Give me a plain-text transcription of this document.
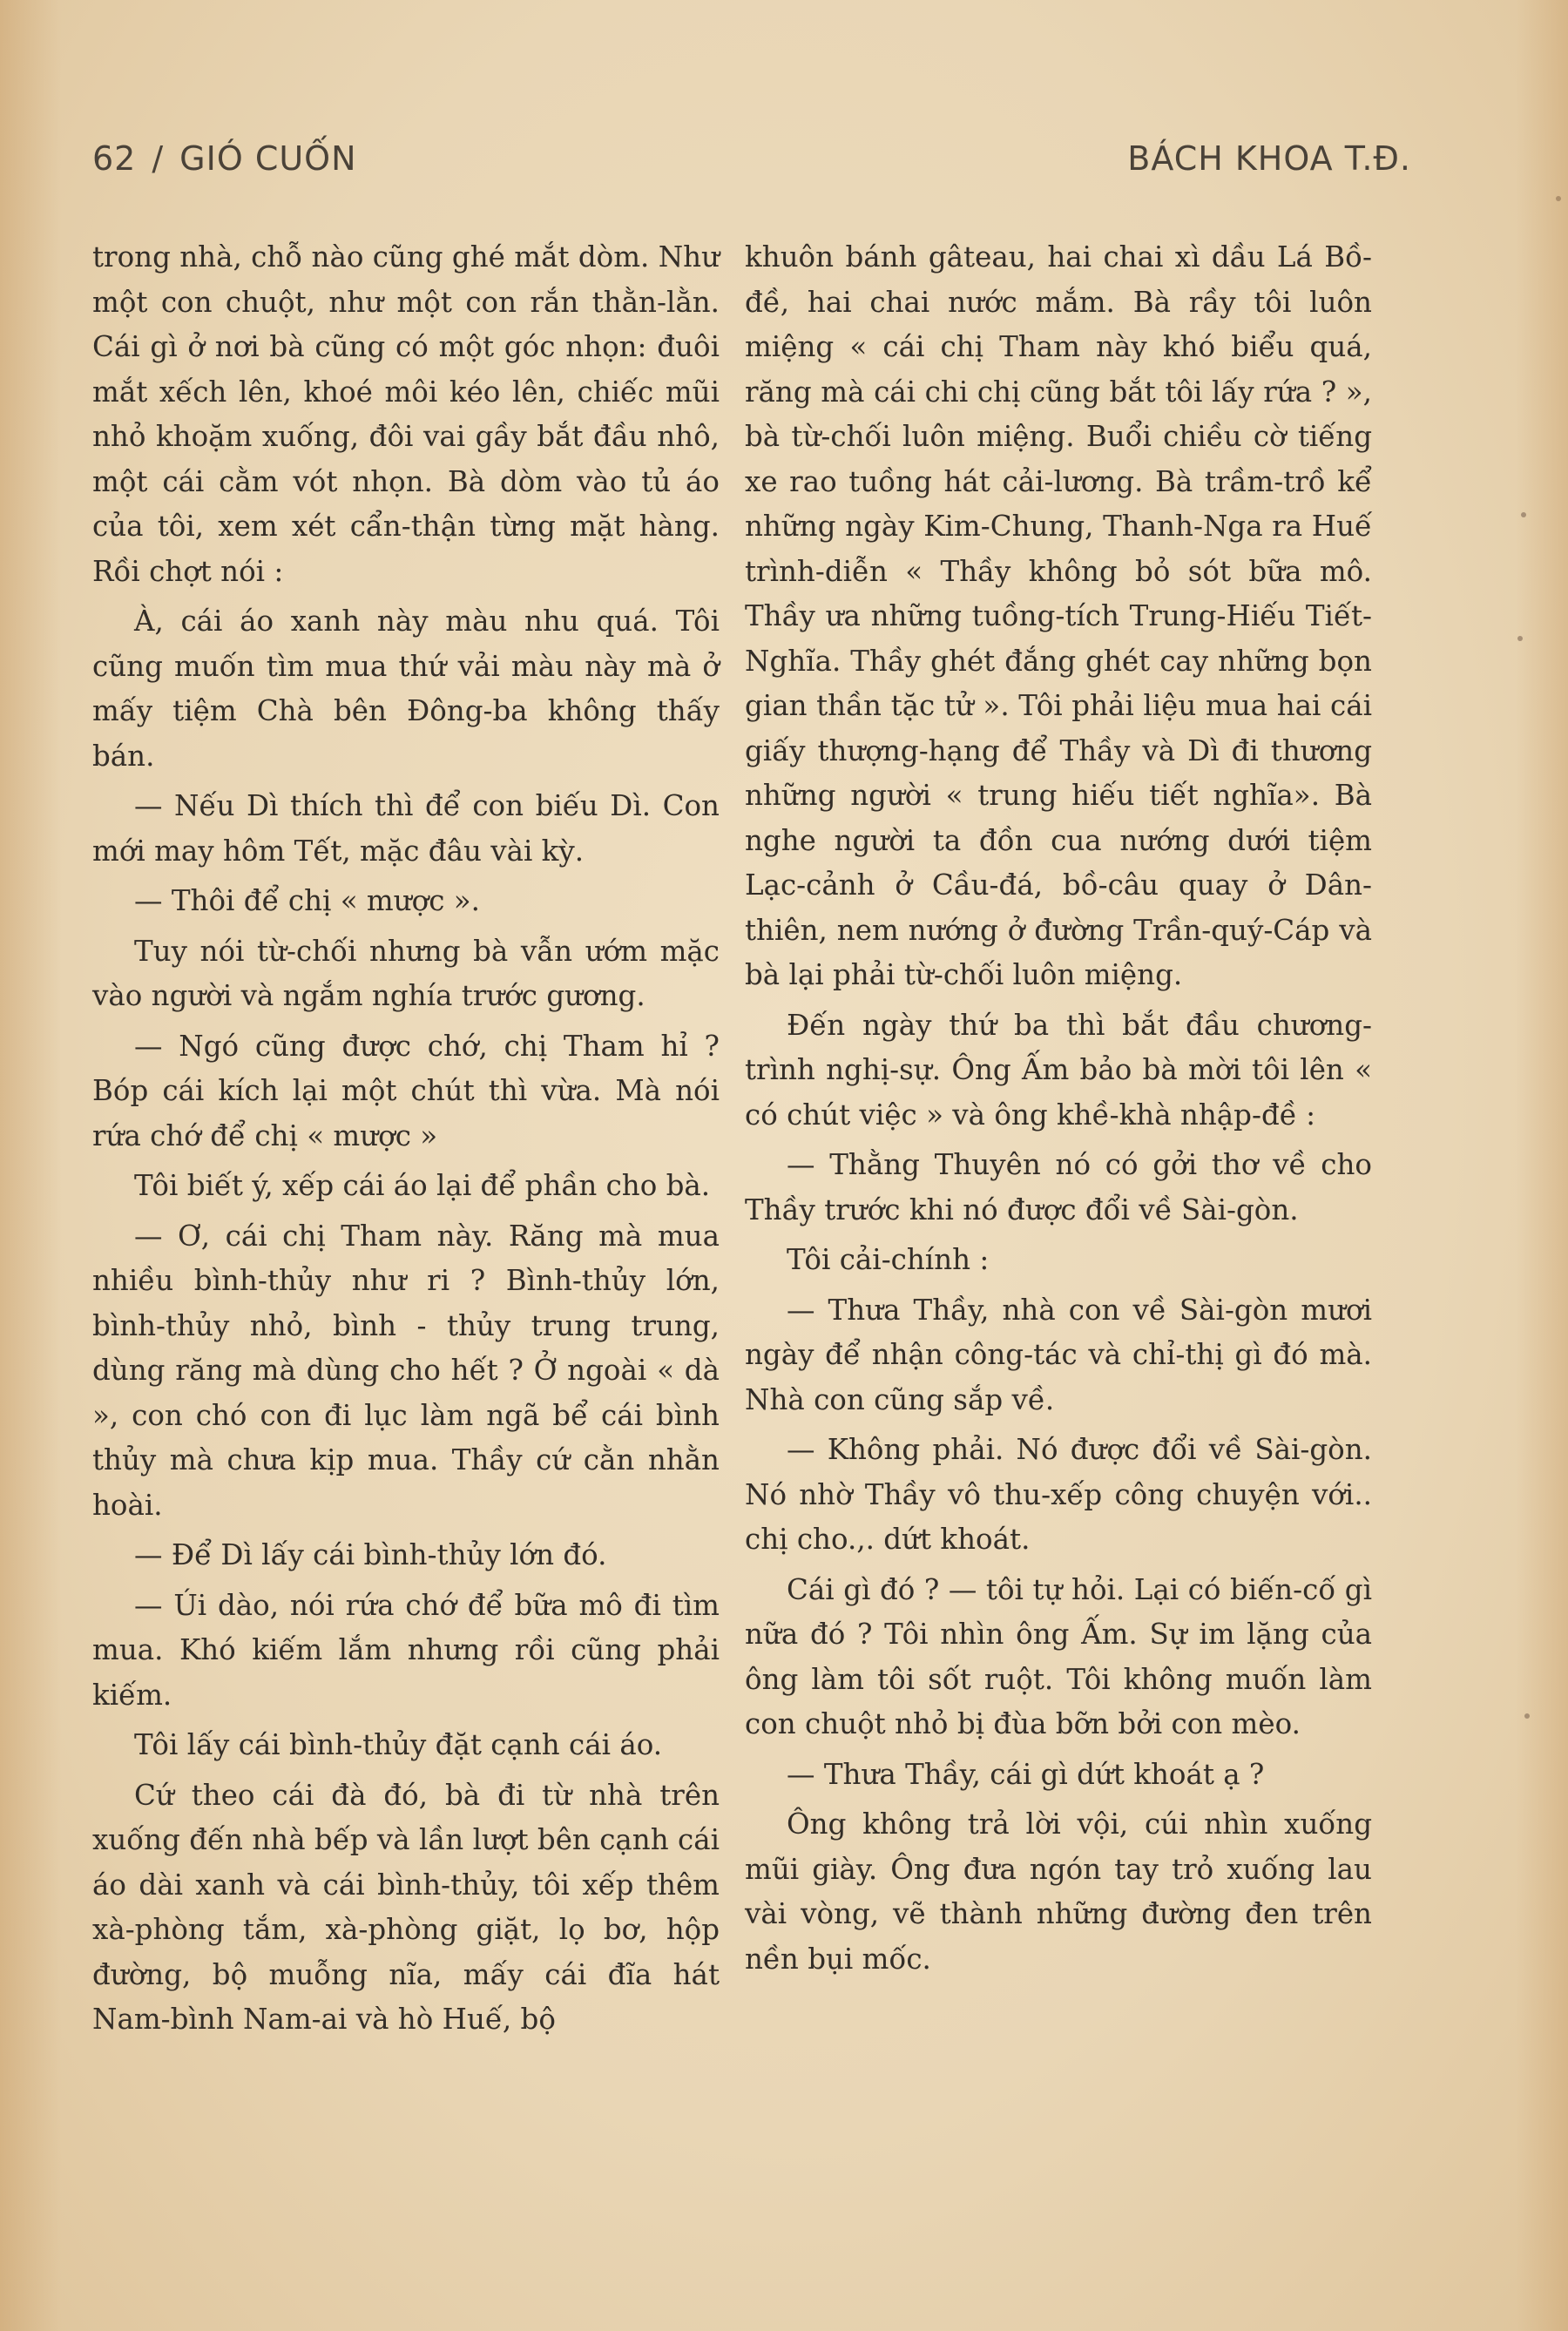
62 / GIÓ CUỐN	BÁCH KHOA T.Đ.

trong nhà, chỗ nào cũng ghé mắt dòm. Như một con chuột, như một con rắn thằn-lằn. Cái gì ở nơi bà cũng có một góc nhọn: đuôi mắt xếch lên, khoé môi kéo lên, chiếc mũi nhỏ khoặm xuống, đôi vai gầy bắt đầu nhô, một cái cằm vót nhọn. Bà dòm vào tủ áo của tôi, xem xét cẩn-thận từng mặt hàng. Rồi chợt nói :

À, cái áo xanh này màu nhu quá. Tôi cũng muốn tìm mua thứ vải màu này mà ở mấy tiệm Chà bên Đông-ba không thấy bán.

— Nếu Dì thích thì để con biếu Dì. Con mới may hôm Tết, mặc đâu vài kỳ.

— Thôi để chị « mược ».

Tuy nói từ-chối nhưng bà vẫn ướm mặc vào người và ngắm nghía trước gương.

— Ngó cũng được chớ, chị Tham hỉ ? Bóp cái kích lại một chút thì vừa. Mà nói rứa chớ để chị « mược »

Tôi biết ý, xếp cái áo lại để phần cho bà.

— Ơ, cái chị Tham này. Răng mà mua nhiều bình-thủy như ri ? Bình-thủy lớn, bình-thủy nhỏ, bình - thủy trung trung, dùng răng mà dùng cho hết ? Ở ngoài « dà », con chó con đi lục làm ngã bể cái bình thủy mà chưa kịp mua. Thầy cứ cằn nhằn hoài.

— Để Dì lấy cái bình-thủy lớn đó.

— Úi dào, nói rứa chớ để bữa mô đi tìm mua. Khó kiếm lắm nhưng rồi cũng phải kiếm.

Tôi lấy cái bình-thủy đặt cạnh cái áo.

Cứ theo cái đà đó, bà đi từ nhà trên xuống đến nhà bếp và lần lượt bên cạnh cái áo dài xanh và cái bình-thủy, tôi xếp thêm xà-phòng tắm, xà-phòng giặt, lọ bơ, hộp đường, bộ muỗng nĩa, mấy cái đĩa hát Nam-bình Nam-ai và hò Huế, bộ

khuôn bánh gâteau, hai chai xì dầu Lá Bồ-đề, hai chai nước mắm. Bà rầy tôi luôn miệng « cái chị Tham này khó biểu quá, răng mà cái chi chị cũng bắt tôi lấy rứa ? », bà từ-chối luôn miệng. Buổi chiều cờ tiếng xe rao tuồng hát cải-lương. Bà trầm-trồ kể những ngày Kim-Chung, Thanh-Nga ra Huế trình-diễn « Thầy không bỏ sót bữa mô. Thầy ưa những tuồng-tích Trung-Hiếu Tiết-Nghĩa. Thầy ghét đắng ghét cay những bọn gian thần tặc tử ». Tôi phải liệu mua hai cái giấy thượng-hạng để Thầy và Dì đi thương những người « trung hiếu tiết nghĩa». Bà nghe người ta đồn cua nướng dưới tiệm Lạc-cảnh ở Cầu-đá, bồ-câu quay ở Dân-thiên, nem nướng ở đường Trần-quý-Cáp và bà lại phải từ-chối luôn miệng.

Đến ngày thứ ba thì bắt đầu chương-trình nghị-sự. Ông Ấm bảo bà mời tôi lên « có chút việc » và ông khề-khà nhập-đề :

— Thằng Thuyên nó có gởi thơ về cho Thầy trước khi nó được đổi về Sài-gòn.

Tôi cải-chính :

— Thưa Thầy, nhà con về Sài-gòn mươi ngày để nhận công-tác và chỉ-thị gì đó mà. Nhà con cũng sắp về.

— Không phải. Nó được đổi về Sài-gòn. Nó nhờ Thầy vô thu-xếp công chuyện với.. chị cho.,. dứt khoát.

Cái gì đó ? — tôi tự hỏi. Lại có biến-cố gì nữa đó ? Tôi nhìn ông Ấm. Sự im lặng của ông làm tôi sốt ruột. Tôi không muốn làm con chuột nhỏ bị đùa bỡn bởi con mèo.

— Thưa Thầy, cái gì dứt khoát ạ ?

Ông không trả lời vội, cúi nhìn xuống mũi giày. Ông đưa ngón tay trỏ xuống lau vài vòng, vẽ thành những đường đen trên nền bụi mốc.
